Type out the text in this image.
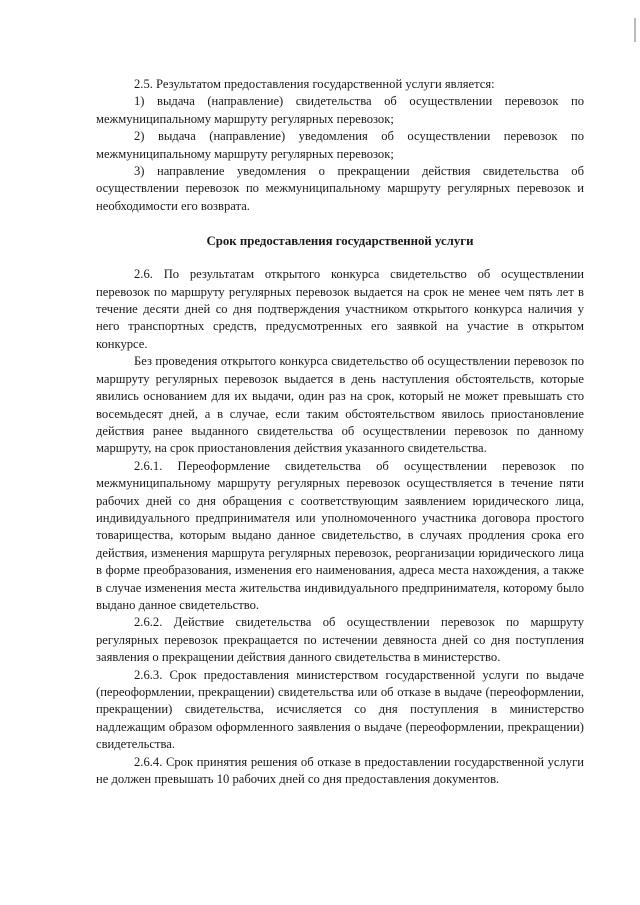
2.5. Результатом предоставления государственной услуги является:

1) выдача (направление) свидетельства об осуществлении перевозок по межмуниципальному маршруту регулярных перевозок;

2) выдача (направление) уведомления об осуществлении перевозок по межмуниципальному маршруту регулярных перевозок;

3) направление уведомления о прекращении действия свидетельства об осуществлении перевозок по межмуниципальному маршруту регулярных перевозок и необходимости его возврата.

Срок предоставления государственной услуги

2.6. По результатам открытого конкурса свидетельство об осуществлении перевозок по маршруту регулярных перевозок выдается на срок не менее чем пять лет в течение десяти дней со дня подтверждения участником открытого конкурса наличия у него транспортных средств, предусмотренных его заявкой на участие в открытом конкурсе.

Без проведения открытого конкурса свидетельство об осуществлении перевозок по маршруту регулярных перевозок выдается в день наступления обстоятельств, которые явились основанием для их выдачи, один раз на срок, который не может превышать сто восемьдесят дней, а в случае, если таким обстоятельством явилось приостановление действия ранее выданного свидетельства об осуществлении перевозок по данному маршруту, на срок приостановления действия указанного свидетельства.

2.6.1. Переоформление свидетельства об осуществлении перевозок по межмуниципальному маршруту регулярных перевозок осуществляется в течение пяти рабочих дней со дня обращения с соответствующим заявлением юридического лица, индивидуального предпринимателя или уполномоченного участника договора простого товарищества, которым выдано данное свидетельство, в случаях продления срока его действия, изменения маршрута регулярных перевозок, реорганизации юридического лица в форме преобразования, изменения его наименования, адреса места нахождения, а также в случае изменения места жительства индивидуального предпринимателя, которому было выдано данное свидетельство.

2.6.2. Действие свидетельства об осуществлении перевозок по маршруту регулярных перевозок прекращается по истечении девяноста дней со дня поступления заявления о прекращении действия данного свидетельства в министерство.

2.6.3. Срок предоставления министерством государственной услуги по выдаче (переоформлении, прекращении) свидетельства или об отказе в выдаче (переоформлении, прекращении) свидетельства, исчисляется со дня поступления в министерство надлежащим образом оформленного заявления о выдаче (переоформлении, прекращении) свидетельства.

2.6.4. Срок принятия решения об отказе в предоставлении государственной услуги не должен превышать 10 рабочих дней со дня предоставления документов.
